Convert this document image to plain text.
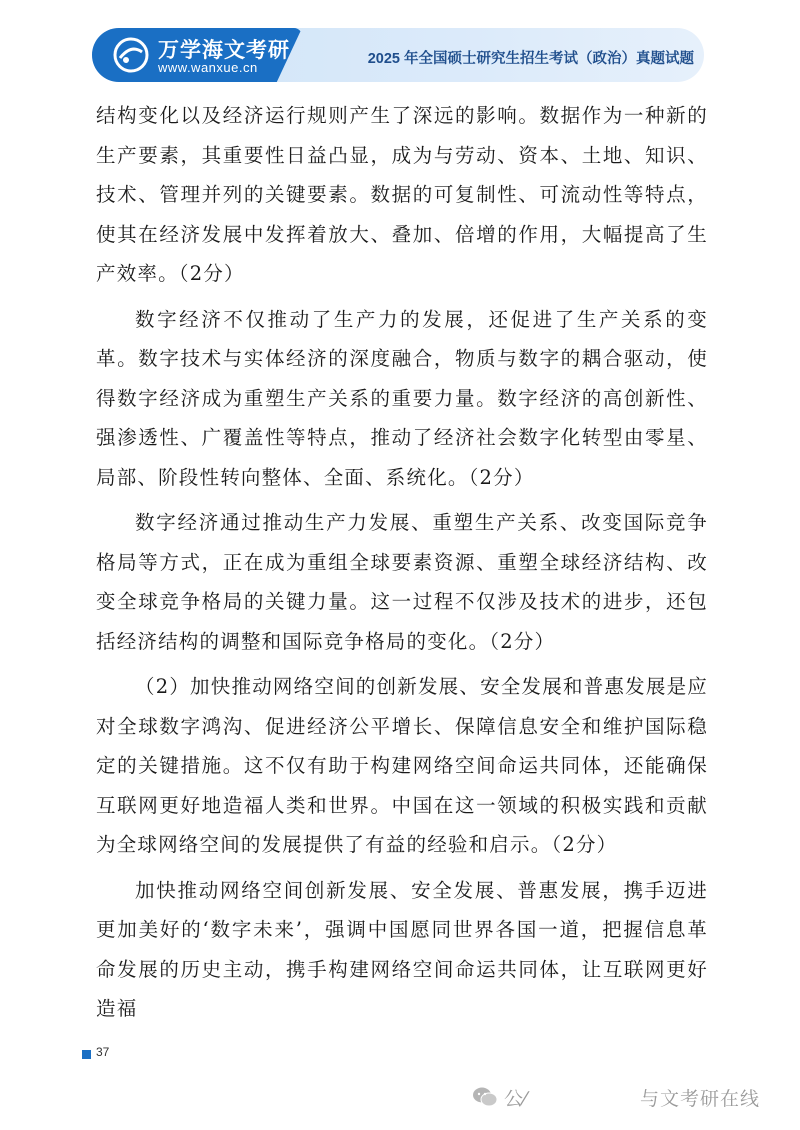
万学海文考研
www.wanxue.cn
2025 年全国硕士研究生招生考试（政治）真题试题

结构变化以及经济运行规则产生了深远的影响。数据作为一种新的生产要素，其重要性日益凸显，成为与劳动、资本、土地、知识、技术、管理并列的关键要素。数据的可复制性、可流动性等特点，使其在经济发展中发挥着放大、叠加、倍增的作用，大幅提高了生产效率。（2分）

数字经济不仅推动了生产力的发展，还促进了生产关系的变革。数字技术与实体经济的深度融合，物质与数字的耦合驱动，使得数字经济成为重塑生产关系的重要力量。数字经济的高创新性、强渗透性、广覆盖性等特点，推动了经济社会数字化转型由零星、局部、阶段性转向整体、全面、系统化。（2分）

数字经济通过推动生产力发展、重塑生产关系、改变国际竞争格局等方式，正在成为重组全球要素资源、重塑全球经济结构、改变全球竞争格局的关键力量。这一过程不仅涉及技术的进步，还包括经济结构的调整和国际竞争格局的变化。（2分）

（2）加快推动网络空间的创新发展、安全发展和普惠发展是应对全球数字鸿沟、促进经济公平增长、保障信息安全和维护国际稳定的关键措施。这不仅有助于构建网络空间命运共同体，还能确保互联网更好地造福人类和世界。中国在这一领域的积极实践和贡献为全球网络空间的发展提供了有益的经验和启示。（2分）

加快推动网络空间创新发展、安全发展、普惠发展，携手迈进更加美好的‘数字未来’，强调中国愿同世界各国一道，把握信息革命发展的历史主动，携手构建网络空间命运共同体，让互联网更好造福

37
公⁄	与文考研在线
